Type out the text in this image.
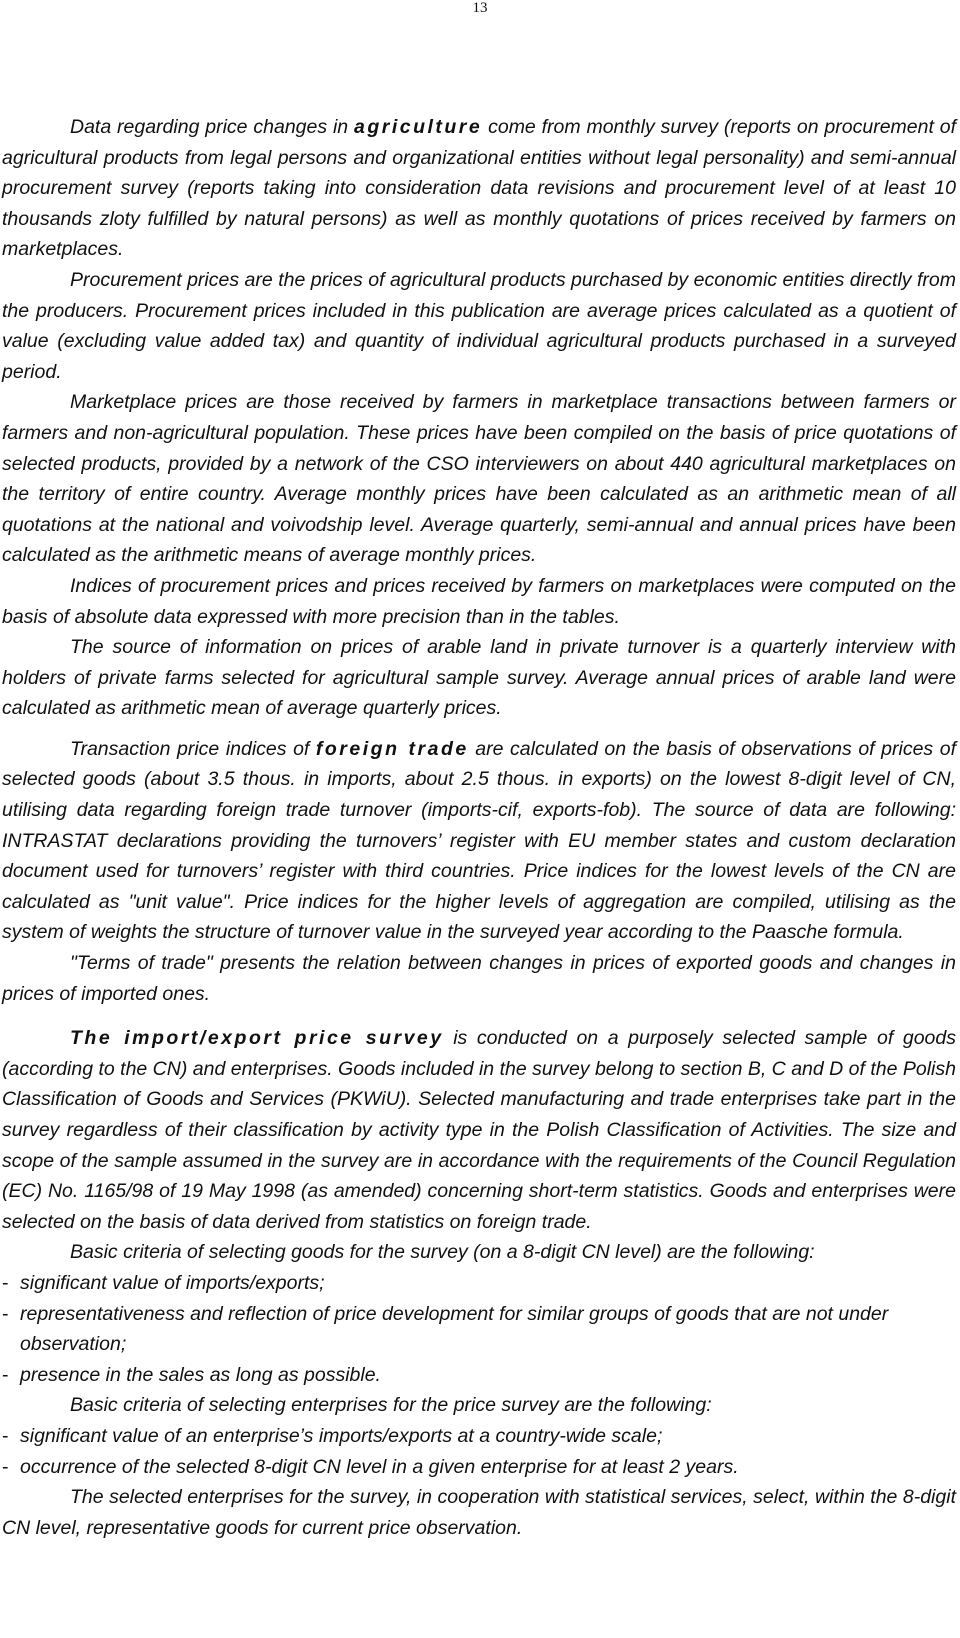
13

Data regarding price changes in agriculture come from monthly survey (reports on procurement of agricultural products from legal persons and organizational entities without legal personality) and semi-annual procurement survey (reports taking into consideration data revisions and procurement level of at least 10 thousands zloty fulfilled by natural persons) as well as monthly quotations of prices received by farmers on marketplaces.

Procurement prices are the prices of agricultural products purchased by economic entities directly from the producers. Procurement prices included in this publication are average prices calculated as a quotient of value (excluding value added tax) and quantity of individual agricultural products purchased in a surveyed period.

Marketplace prices are those received by farmers in marketplace transactions between farmers or farmers and non-agricultural population. These prices have been compiled on the basis of price quotations of selected products, provided by a network of the CSO interviewers on about 440 agricultural marketplaces on the territory of entire country. Average monthly prices have been calculated as an arithmetic mean of all quotations at the national and voivodship level. Average quarterly, semi-annual and annual prices have been calculated as the arithmetic means of average monthly prices.

Indices of procurement prices and prices received by farmers on marketplaces were computed on the basis of absolute data expressed with more precision than in the tables.

The source of information on prices of arable land in private turnover is a quarterly interview with holders of private farms selected for agricultural sample survey. Average annual prices of arable land were calculated as arithmetic mean of average quarterly prices.

Transaction price indices of foreign trade are calculated on the basis of observations of prices of selected goods (about 3.5 thous. in imports, about 2.5 thous. in exports) on the lowest 8-digit level of CN, utilising data regarding foreign trade turnover (imports-cif, exports-fob). The source of data are following: INTRASTAT declarations providing the turnovers’ register with EU member states and custom declaration document used for turnovers’ register with third countries. Price indices for the lowest levels of the CN are calculated as "unit value". Price indices for the higher levels of aggregation are compiled, utilising as the system of weights the structure of turnover value in the surveyed year according to the Paasche formula.

"Terms of trade" presents the relation between changes in prices of exported goods and changes in prices of imported ones.

The import/export price survey is conducted on a purposely selected sample of goods (according to the CN) and enterprises. Goods included in the survey belong to section B, C and D of the Polish Classification of Goods and Services (PKWiU). Selected manufacturing and trade enterprises take part in the survey regardless of their classification by activity type in the Polish Classification of Activities. The size and scope of the sample assumed in the survey are in accordance with the requirements of the Council Regulation (EC) No. 1165/98 of 19 May 1998 (as amended) concerning short-term statistics. Goods and enterprises were selected on the basis of data derived from statistics on foreign trade.

Basic criteria of selecting goods for the survey (on a 8-digit CN level) are the following:

- significant value of imports/exports;
- representativeness and reflection of price development for similar groups of goods that are not under observation;
- presence in the sales as long as possible.

Basic criteria of selecting enterprises for the price survey are the following:

- significant value of an enterprise’s imports/exports at a country-wide scale;
- occurrence of the selected 8-digit CN level in a given enterprise for at least 2 years.

The selected enterprises for the survey, in cooperation with statistical services, select, within the 8-digit CN level, representative goods for current price observation.
